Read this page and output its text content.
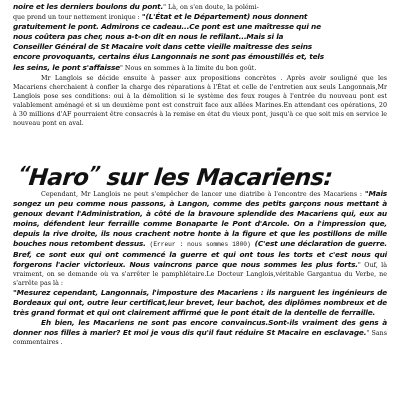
noire et les derniers boulons du pont." Là, on s'en doute, la polémi-
que prend un tour nettement ironique : "(L'État et le Département) nous donnent
gratuitement le pont. Admirons ce cadeau...Ce pont est une maîtresse qui ne
nous coûtera pas cher, nous a-t-on dit en nous le refilant...Mais si la
Conseiller Général de St Macaire voit dans cette vieille maîtresse des seins
encore provoquants, certains élus Langonnais ne sont pas émoustillés et, tels
les seins, le pont s'affaisse" Nous en sommes à la limite du bon goût.

Mr Langlois se décide ensuite à passer aux propositions concrètes . Après avoir souligné que les Macariens cherchaient à confier la charge des réparations à l'État et celle de l'entretien aux seuls Langonnais,Mr Langlois pose ses conditions: oui à la démolition si le système des feux rouges à l'entrée du nouveau pont est valablement aménagé et si un deuxième pont est construit face aux allées Marines.En attendant ces opérations, 20 à 30 millions d'AF pourraient être consacrés à la remise en état du vieux pont, jusqu'à ce que soit mis en service le nouveau pont en aval.

“Haro” sur les Macariens:

Cependant, Mr Langlois ne peut s'empêcher de lancer une diatribe à l'encontre des Macariens : "Mais songez un peu comme nous passons, à Langon, comme des petits garçons nous mettant à genoux devant l'Administration, à côté de la bravoure splendide des Macariens qui, eux au moins, défendent leur ferraille comme Bonaparte le Pont d'Arcole. On a l'impression que, depuis la rive droite, ils nous crachent notre honte à la figure et que les postillons de mille bouches nous retombent dessus. (Erreur : nous sommes 1800) (C'est une déclaration de guerre. Bref, ce sont eux qui ont commencé la guerre et qui ont tous les torts et c'est nous qui forgerons l'acier victorieux. Nous vaincrons parce que nous sommes les plus forts." Ouf, là vraiment, on se demande où va s'arrêter le pamphlétaire.Le Docteur Langlois,véritable Gargantua du Verbe, ne s'arrête pas là :

"Mesurez cependant, Langonnais, l'imposture des Macariens : ils narguent les ingénieurs de Bordeaux qui ont, outre leur certificat,leur brevet, leur bachot, des diplômes nombreux et de très grand format et qui ont clairement affirmé que le pont était de la dentelle de ferraille.

Eh bien, les Macariens ne sont pas encore convaincus.Sont-ils vraiment des gens à donner nos filles à marier? Et moi je vous dis qu'il faut réduire St Macaire en esclavage." Sans commentaires .
